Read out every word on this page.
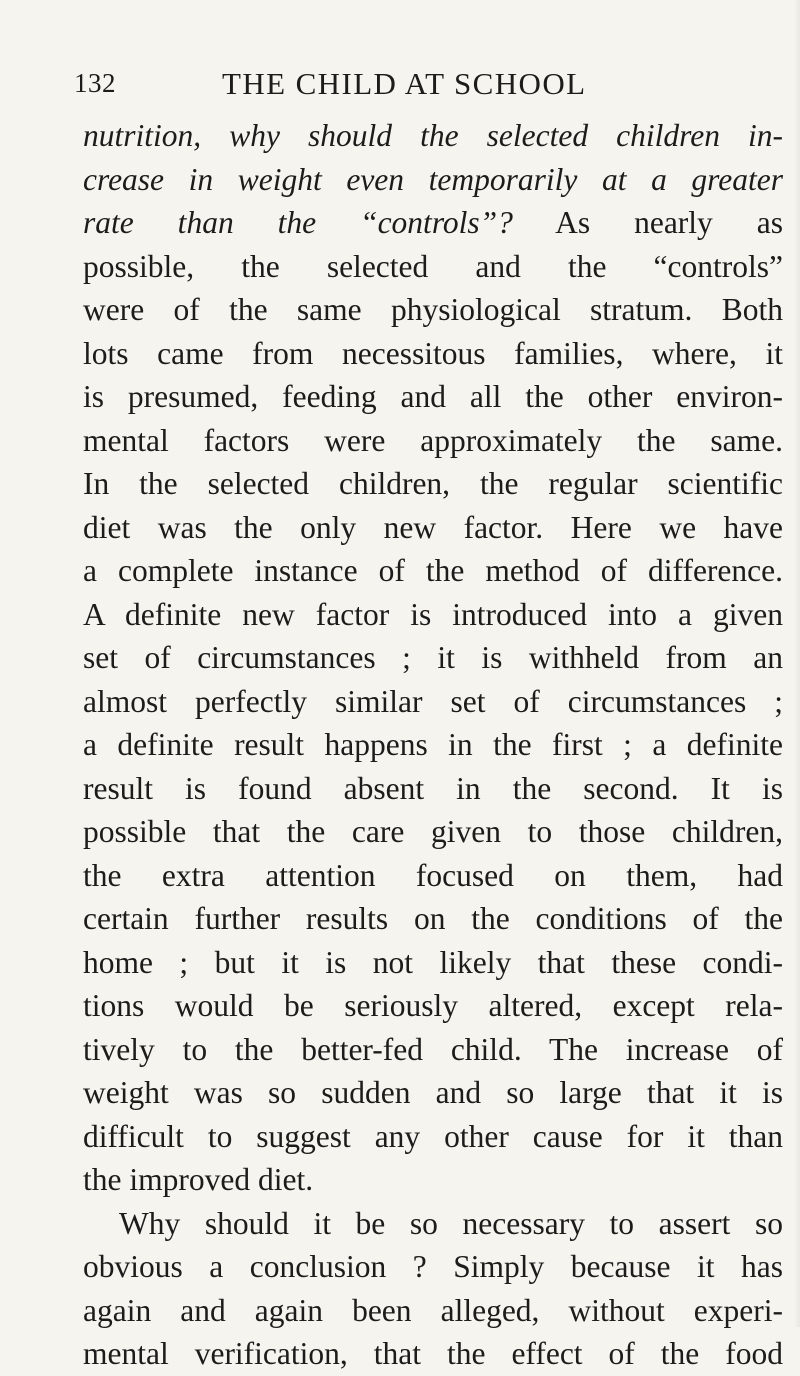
132	THE CHILD AT SCHOOL
nutrition, why should the selected children in-
crease in weight even temporarily at a greater
rate than the “controls”? As nearly as
possible, the selected and the “controls”
were of the same physiological stratum. Both
lots came from necessitous families, where, it
is presumed, feeding and all the other environ-
mental factors were approximately the same.
In the selected children, the regular scientific
diet was the only new factor. Here we have
a complete instance of the method of difference.
A definite new factor is introduced into a given
set of circumstances ; it is withheld from an
almost perfectly similar set of circumstances ;
a definite result happens in the first ; a definite
result is found absent in the second. It is
possible that the care given to those children,
the extra attention focused on them, had
certain further results on the conditions of the
home ; but it is not likely that these condi-
tions would be seriously altered, except rela-
tively to the better-fed child. The increase of
weight was so sudden and so large that it is
difficult to suggest any other cause for it than
the improved diet.
Why should it be so necessary to assert so
obvious a conclusion ? Simply because it has
again and again been alleged, without experi-
mental verification, that the effect of the food
